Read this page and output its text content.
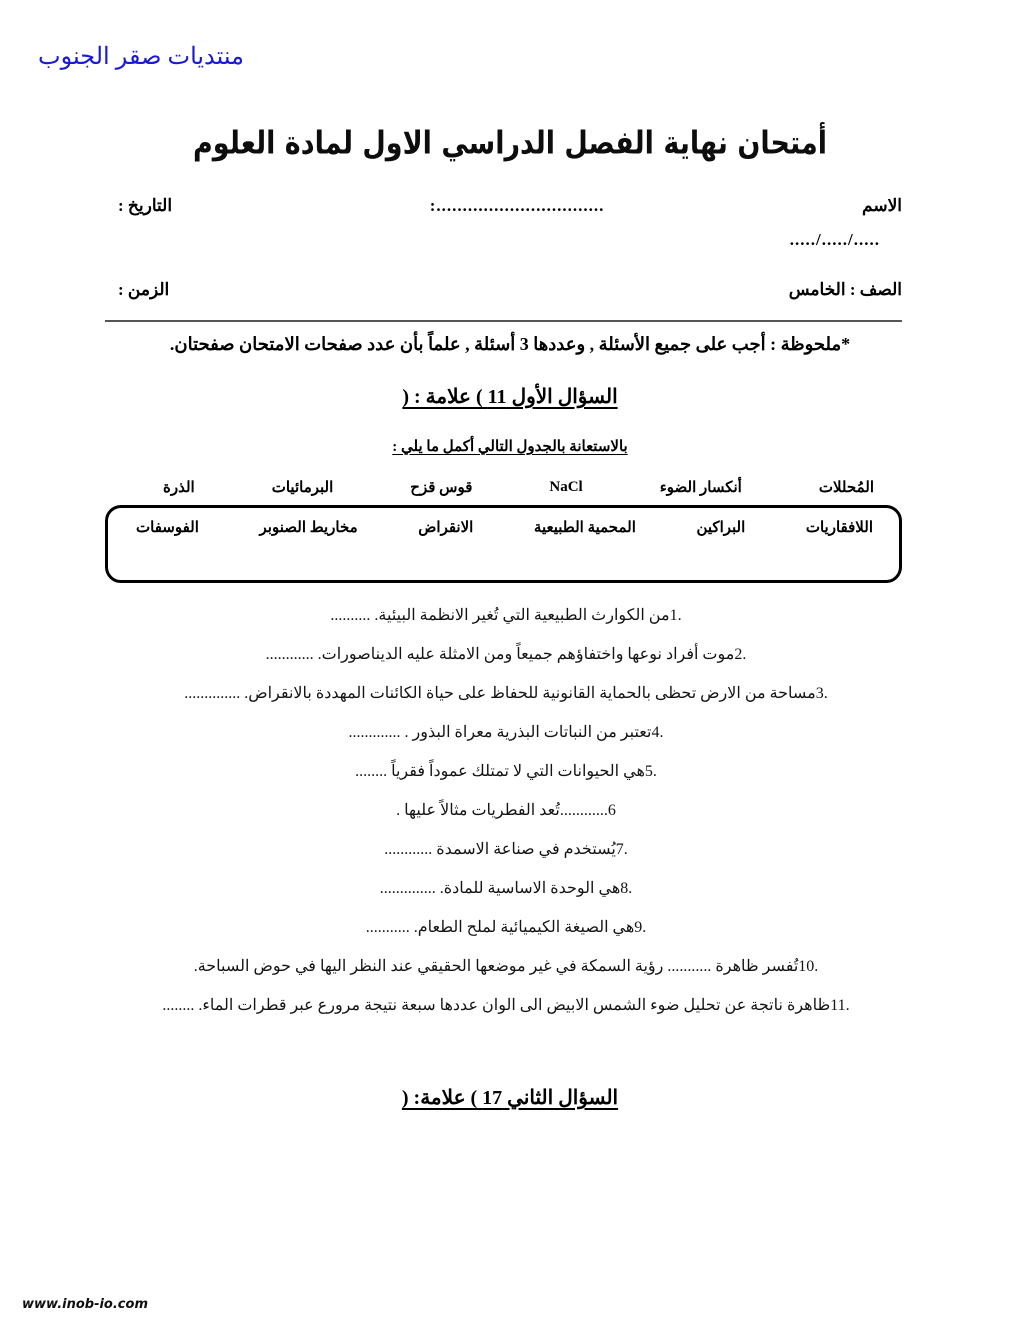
منتديات صقر الجنوب
أمتحان نهاية الفصل الدراسي الاول لمادة العلوم
الاسم
................................:
التاريخ :
...../...../.....
الصف : الخامس
الزمن :
*ملحوظة : أجب على جميع الأسئلة , وعددها 3 أسئلة , علماً بأن عدد صفحات الامتحان صفحتان.
السؤال الأول 11 ) علامة : (
بالاستعانة بالجدول التالي أكمل ما يلي :
المُحللات
أنكسار الضوء
NaCl
قوس قزح
البرمائيات
الذرة
اللافقاريات
البراكين
المحمية الطبيعية
الانقراض
مخاريط الصنوبر
الفوسفات
.1من الكوارث الطبيعية التي تُغير الانظمة البيئية. ..........
.2موت أفراد نوعها واختفاؤهم جميعاً ومن الامثلة عليه الديناصورات. ............
.3مساحة من الارض تحظى بالحماية القانونية للحفاظ على حياة الكائنات المهددة بالانقراض. ..............
.4تعتبر من النباتات البذرية معراة البذور . .............
.5هي الحيوانات التي لا تمتلك عموداً فقرياً ........
6............تُعد الفطريات مثالاً عليها .
.7يُستخدم في صناعة الاسمدة ............
.8هي الوحدة الاساسية للمادة. ..............
.9هي الصيغة الكيميائية لملح الطعام. ...........
.10تُفسر ظاهرة ........... رؤية السمكة في غير موضعها الحقيقي عند النظر اليها في حوض السباحة.
.11ظاهرة ناتجة عن تحليل ضوء الشمس الابيض الى الوان عددها سبعة نتيجة مرورع عبر قطرات الماء. ........
السؤال الثاني 17 ) علامة: (
www.inob-io.com
